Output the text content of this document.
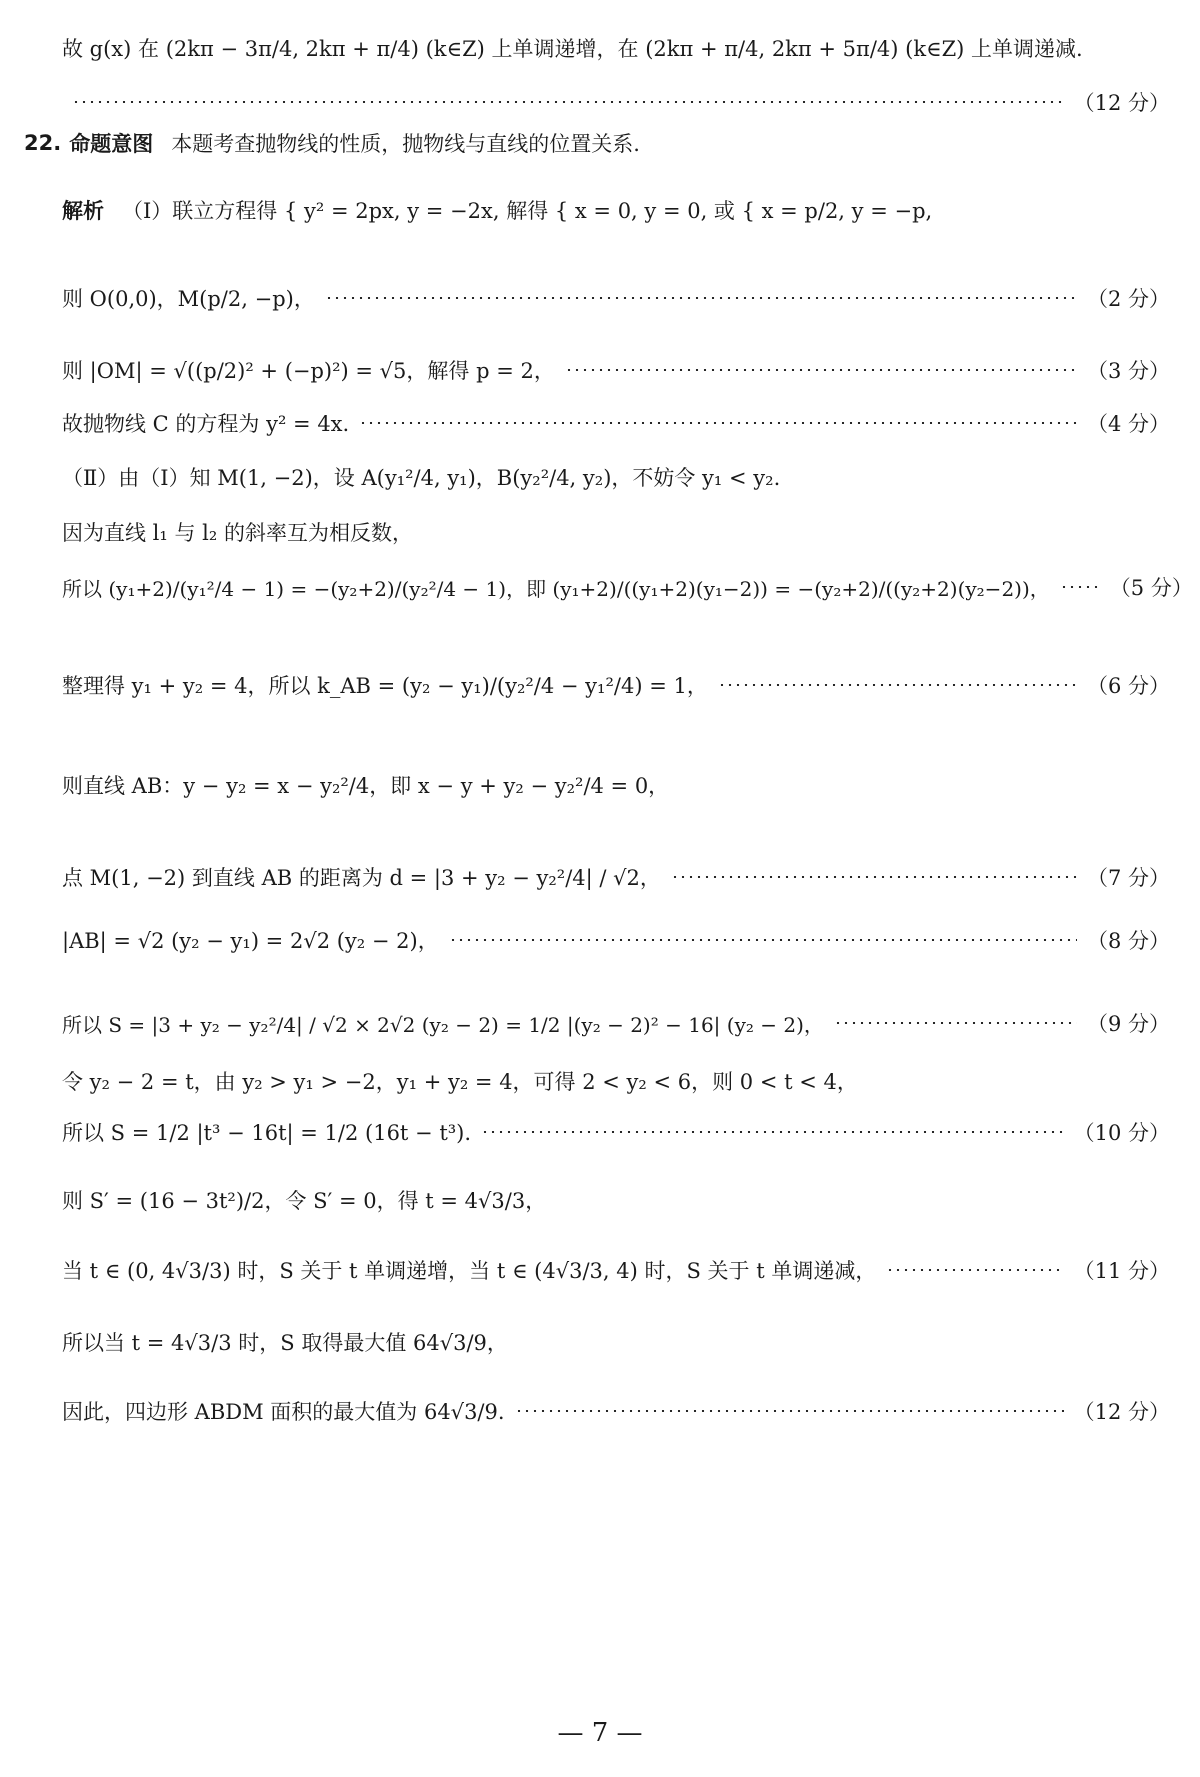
故 g(x) 在 (2kπ − 3π/4, 2kπ + π/4) (k∈Z) 上单调递增，在 (2kπ + π/4, 2kπ + 5π/4) (k∈Z) 上单调递减.
（12 分）
22. 命题意图 本题考查抛物线的性质，抛物线与直线的位置关系.
解析 （Ⅰ）联立方程得 { y² = 2px, y = −2x, 解得 { x = 0, y = 0, 或 { x = p/2, y = −p,
则 O(0,0)，M(p/2, −p)，	（2 分）
则 |OM| = √((p/2)² + (−p)²) = √5，解得 p = 2，	（3 分）
故抛物线 C 的方程为 y² = 4x.	（4 分）
（Ⅱ）由（Ⅰ）知 M(1, −2)，设 A(y₁²/4, y₁)，B(y₂²/4, y₂)，不妨令 y₁ < y₂.
因为直线 l₁ 与 l₂ 的斜率互为相反数，
所以 (y₁+2)/(y₁²/4 − 1) = −(y₂+2)/(y₂²/4 − 1)，即 (y₁+2)/((y₁+2)(y₁−2)) = −(y₂+2)/((y₂+2)(y₂−2))，	（5 分）
整理得 y₁ + y₂ = 4，所以 k_AB = (y₂ − y₁)/(y₂²/4 − y₁²/4) = 1，	（6 分）
则直线 AB：y − y₂ = x − y₂²/4，即 x − y + y₂ − y₂²/4 = 0，
点 M(1, −2) 到直线 AB 的距离为 d = |3 + y₂ − y₂²/4| / √2，	（7 分）
|AB| = √2 (y₂ − y₁) = 2√2 (y₂ − 2)，	（8 分）
所以 S = |3 + y₂ − y₂²/4| / √2 × 2√2 (y₂ − 2) = 1/2 |(y₂ − 2)² − 16| (y₂ − 2)，	（9 分）
令 y₂ − 2 = t，由 y₂ > y₁ > −2，y₁ + y₂ = 4，可得 2 < y₂ < 6，则 0 < t < 4，
所以 S = 1/2 |t³ − 16t| = 1/2 (16t − t³).	（10 分）
则 S′ = (16 − 3t²)/2，令 S′ = 0，得 t = 4√3/3，
当 t ∈ (0, 4√3/3) 时，S 关于 t 单调递增，当 t ∈ (4√3/3, 4) 时，S 关于 t 单调递减，	（11 分）
所以当 t = 4√3/3 时，S 取得最大值 64√3/9，
因此，四边形 ABDM 面积的最大值为 64√3/9.	（12 分）
— 7 —
